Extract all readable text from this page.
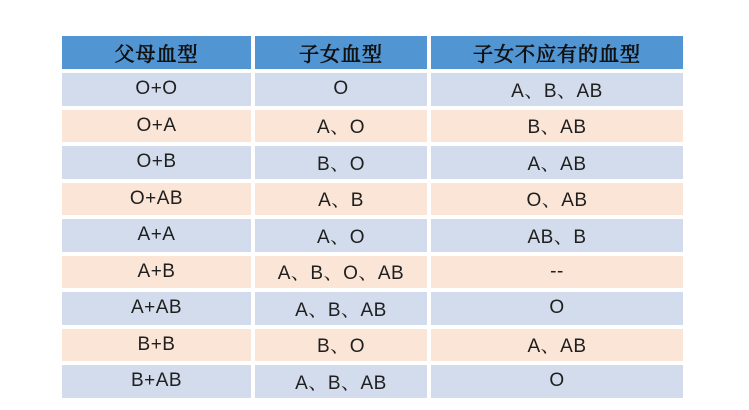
父母血型	子女血型	子女不应有的血型
O+O	O	A、B、AB
O+A	A、O	B、AB
O+B	B、O	A、AB
O+AB	A、B	O、AB
A+A	A、O	AB、B
A+B	A、B、O、AB	--
A+AB	A、B、AB	O
B+B	B、O	A、AB
B+AB	A、B、AB	O
